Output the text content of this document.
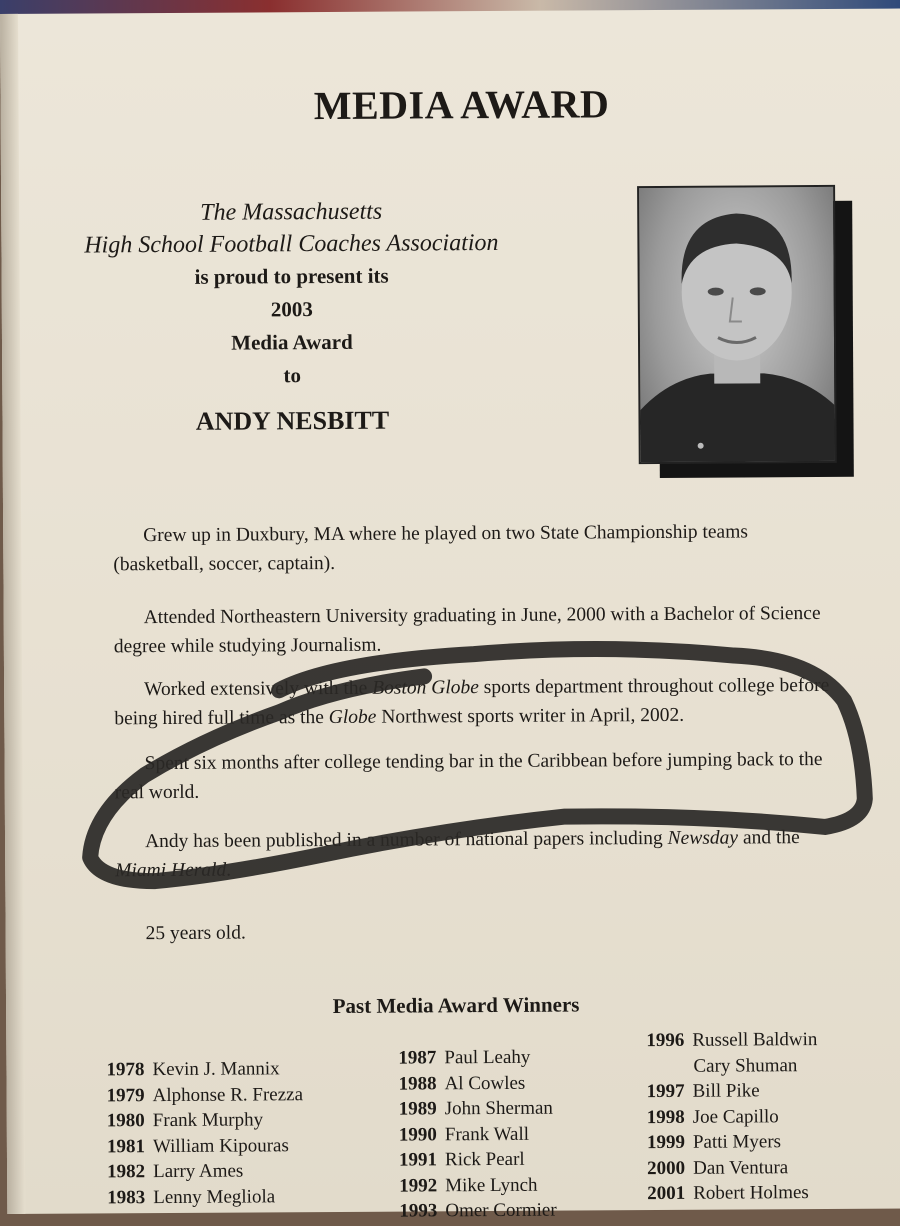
MEDIA AWARD
The Massachusetts
High School Football Coaches Association
is proud to present its
2003
Media Award
to
ANDY NESBITT
Grew up in Duxbury, MA where he played on two State Championship teams (basketball, soccer, captain).
Attended Northeastern University graduating in June, 2000 with a Bachelor of Science degree while studying Journalism.
Worked extensively with the Boston Globe sports department throughout college before being hired full time as the Globe Northwest sports writer in April, 2002.
Spent six months after college tending bar in the Caribbean before jumping back to the real world.
Andy has been published in a number of national papers including Newsday and the Miami Herald.
25 years old.
Past Media Award Winners
1978 Kevin J. Mannix
1979 Alphonse R. Frezza
1980 Frank Murphy
1981 William Kipouras
1982 Larry Ames
1983 Lenny Megliola
1987 Paul Leahy
1988 Al Cowles
1989 John Sherman
1990 Frank Wall
1991 Rick Pearl
1992 Mike Lynch
1993 Omer Cormier
1996 Russell Baldwin
Cary Shuman
1997 Bill Pike
1998 Joe Capillo
1999 Patti Myers
2000 Dan Ventura
2001 Robert Holmes
